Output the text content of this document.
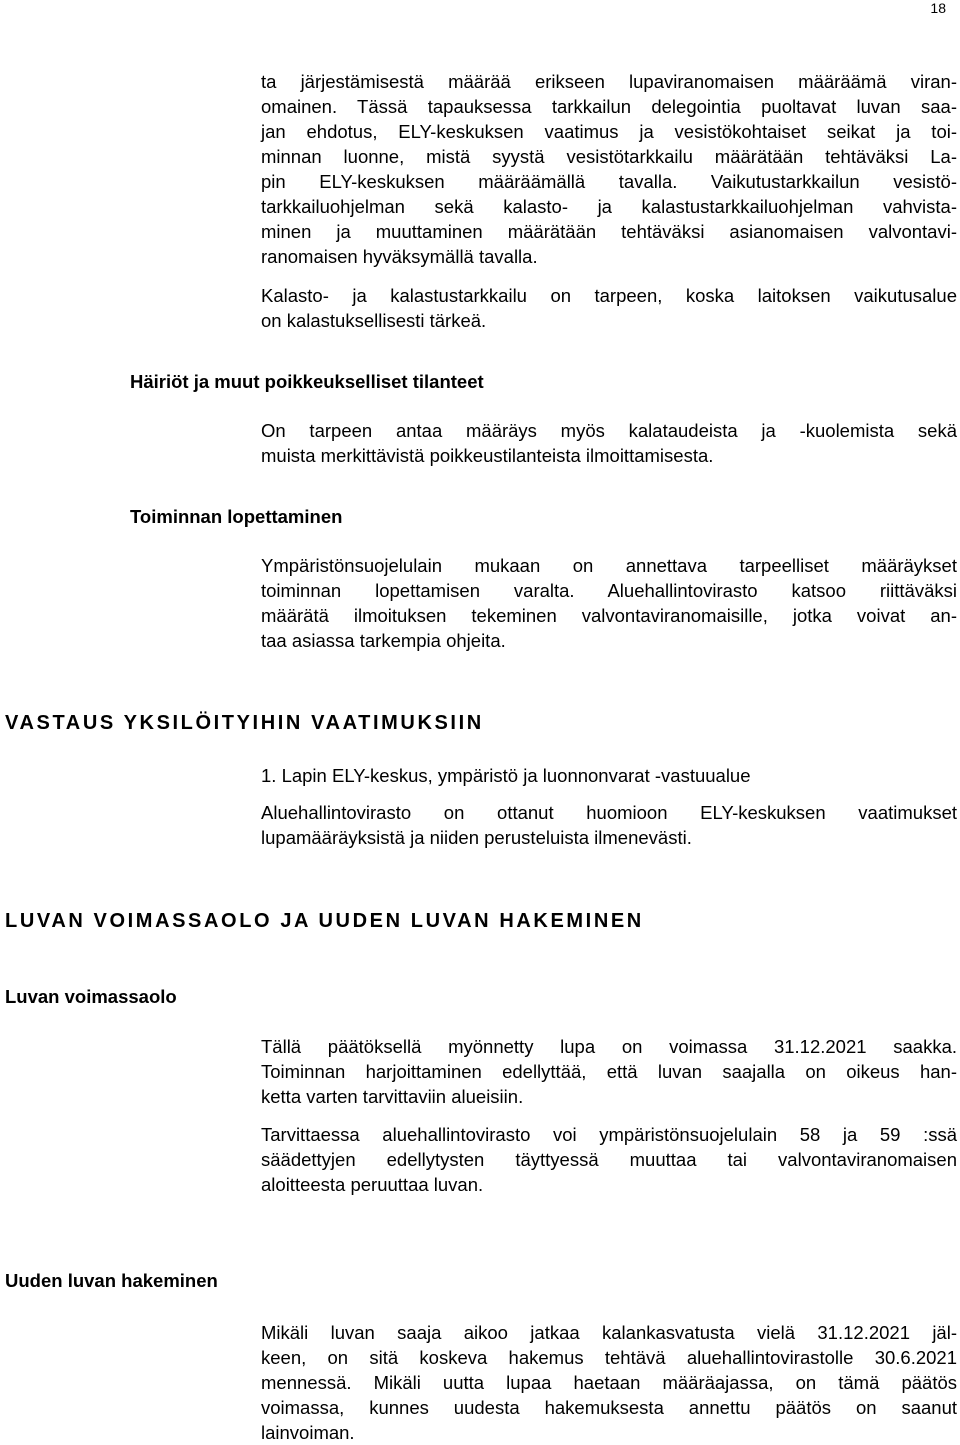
18

ta järjestämisestä määrää erikseen lupaviranomaisen määräämä viran-
omainen. Tässä tapauksessa tarkkailun delegointia puoltavat luvan saa-
jan ehdotus, ELY-keskuksen vaatimus ja vesistökohtaiset seikat ja toi-
minnan luonne, mistä syystä vesistötarkkailu määrätään tehtäväksi La-
pin ELY-keskuksen määräämällä tavalla. Vaikutustarkkailun vesistö-
tarkkailuohjelman sekä kalasto- ja kalastustarkkailuohjelman vahvista-
minen ja muuttaminen määrätään tehtäväksi asianomaisen valvontavi-
ranomaisen hyväksymällä tavalla.

Kalasto- ja kalastustarkkailu on tarpeen, koska laitoksen vaikutusalue
on kalastuksellisesti tärkeä.

Häiriöt ja muut poikkeukselliset tilanteet

On tarpeen antaa määräys myös kalataudeista ja -kuolemista sekä
muista merkittävistä poikkeustilanteista ilmoittamisesta.

Toiminnan lopettaminen

Ympäristönsuojelulain mukaan on annettava tarpeelliset määräykset
toiminnan lopettamisen varalta. Aluehallintovirasto katsoo riittäväksi
määrätä ilmoituksen tekeminen valvontaviranomaisille, jotka voivat an-
taa asiassa tarkempia ohjeita.

VASTAUS YKSILÖITYIHIN VAATIMUKSIIN

1. Lapin ELY-keskus, ympäristö ja luonnonvarat -vastuualue

Aluehallintovirasto on ottanut huomioon ELY-keskuksen vaatimukset
lupamääräyksistä ja niiden perusteluista ilmenevästi.

LUVAN VOIMASSAOLO JA UUDEN LUVAN HAKEMINEN

Luvan voimassaolo

Tällä päätöksellä myönnetty lupa on voimassa 31.12.2021 saakka.
Toiminnan harjoittaminen edellyttää, että luvan saajalla on oikeus han-
ketta varten tarvittaviin alueisiin.

Tarvittaessa aluehallintovirasto voi ympäristönsuojelulain 58 ja 59 :ssä
säädettyjen edellytysten täyttyessä muuttaa tai valvontaviranomaisen
aloitteesta peruuttaa luvan.

Uuden luvan hakeminen

Mikäli luvan saaja aikoo jatkaa kalankasvatusta vielä 31.12.2021 jäl-
keen, on sitä koskeva hakemus tehtävä aluehallintovirastolle 30.6.2021
mennessä. Mikäli uutta lupaa haetaan määräajassa, on tämä päätös
voimassa, kunnes uudesta hakemuksesta annettu päätös on saanut
lainvoiman.
